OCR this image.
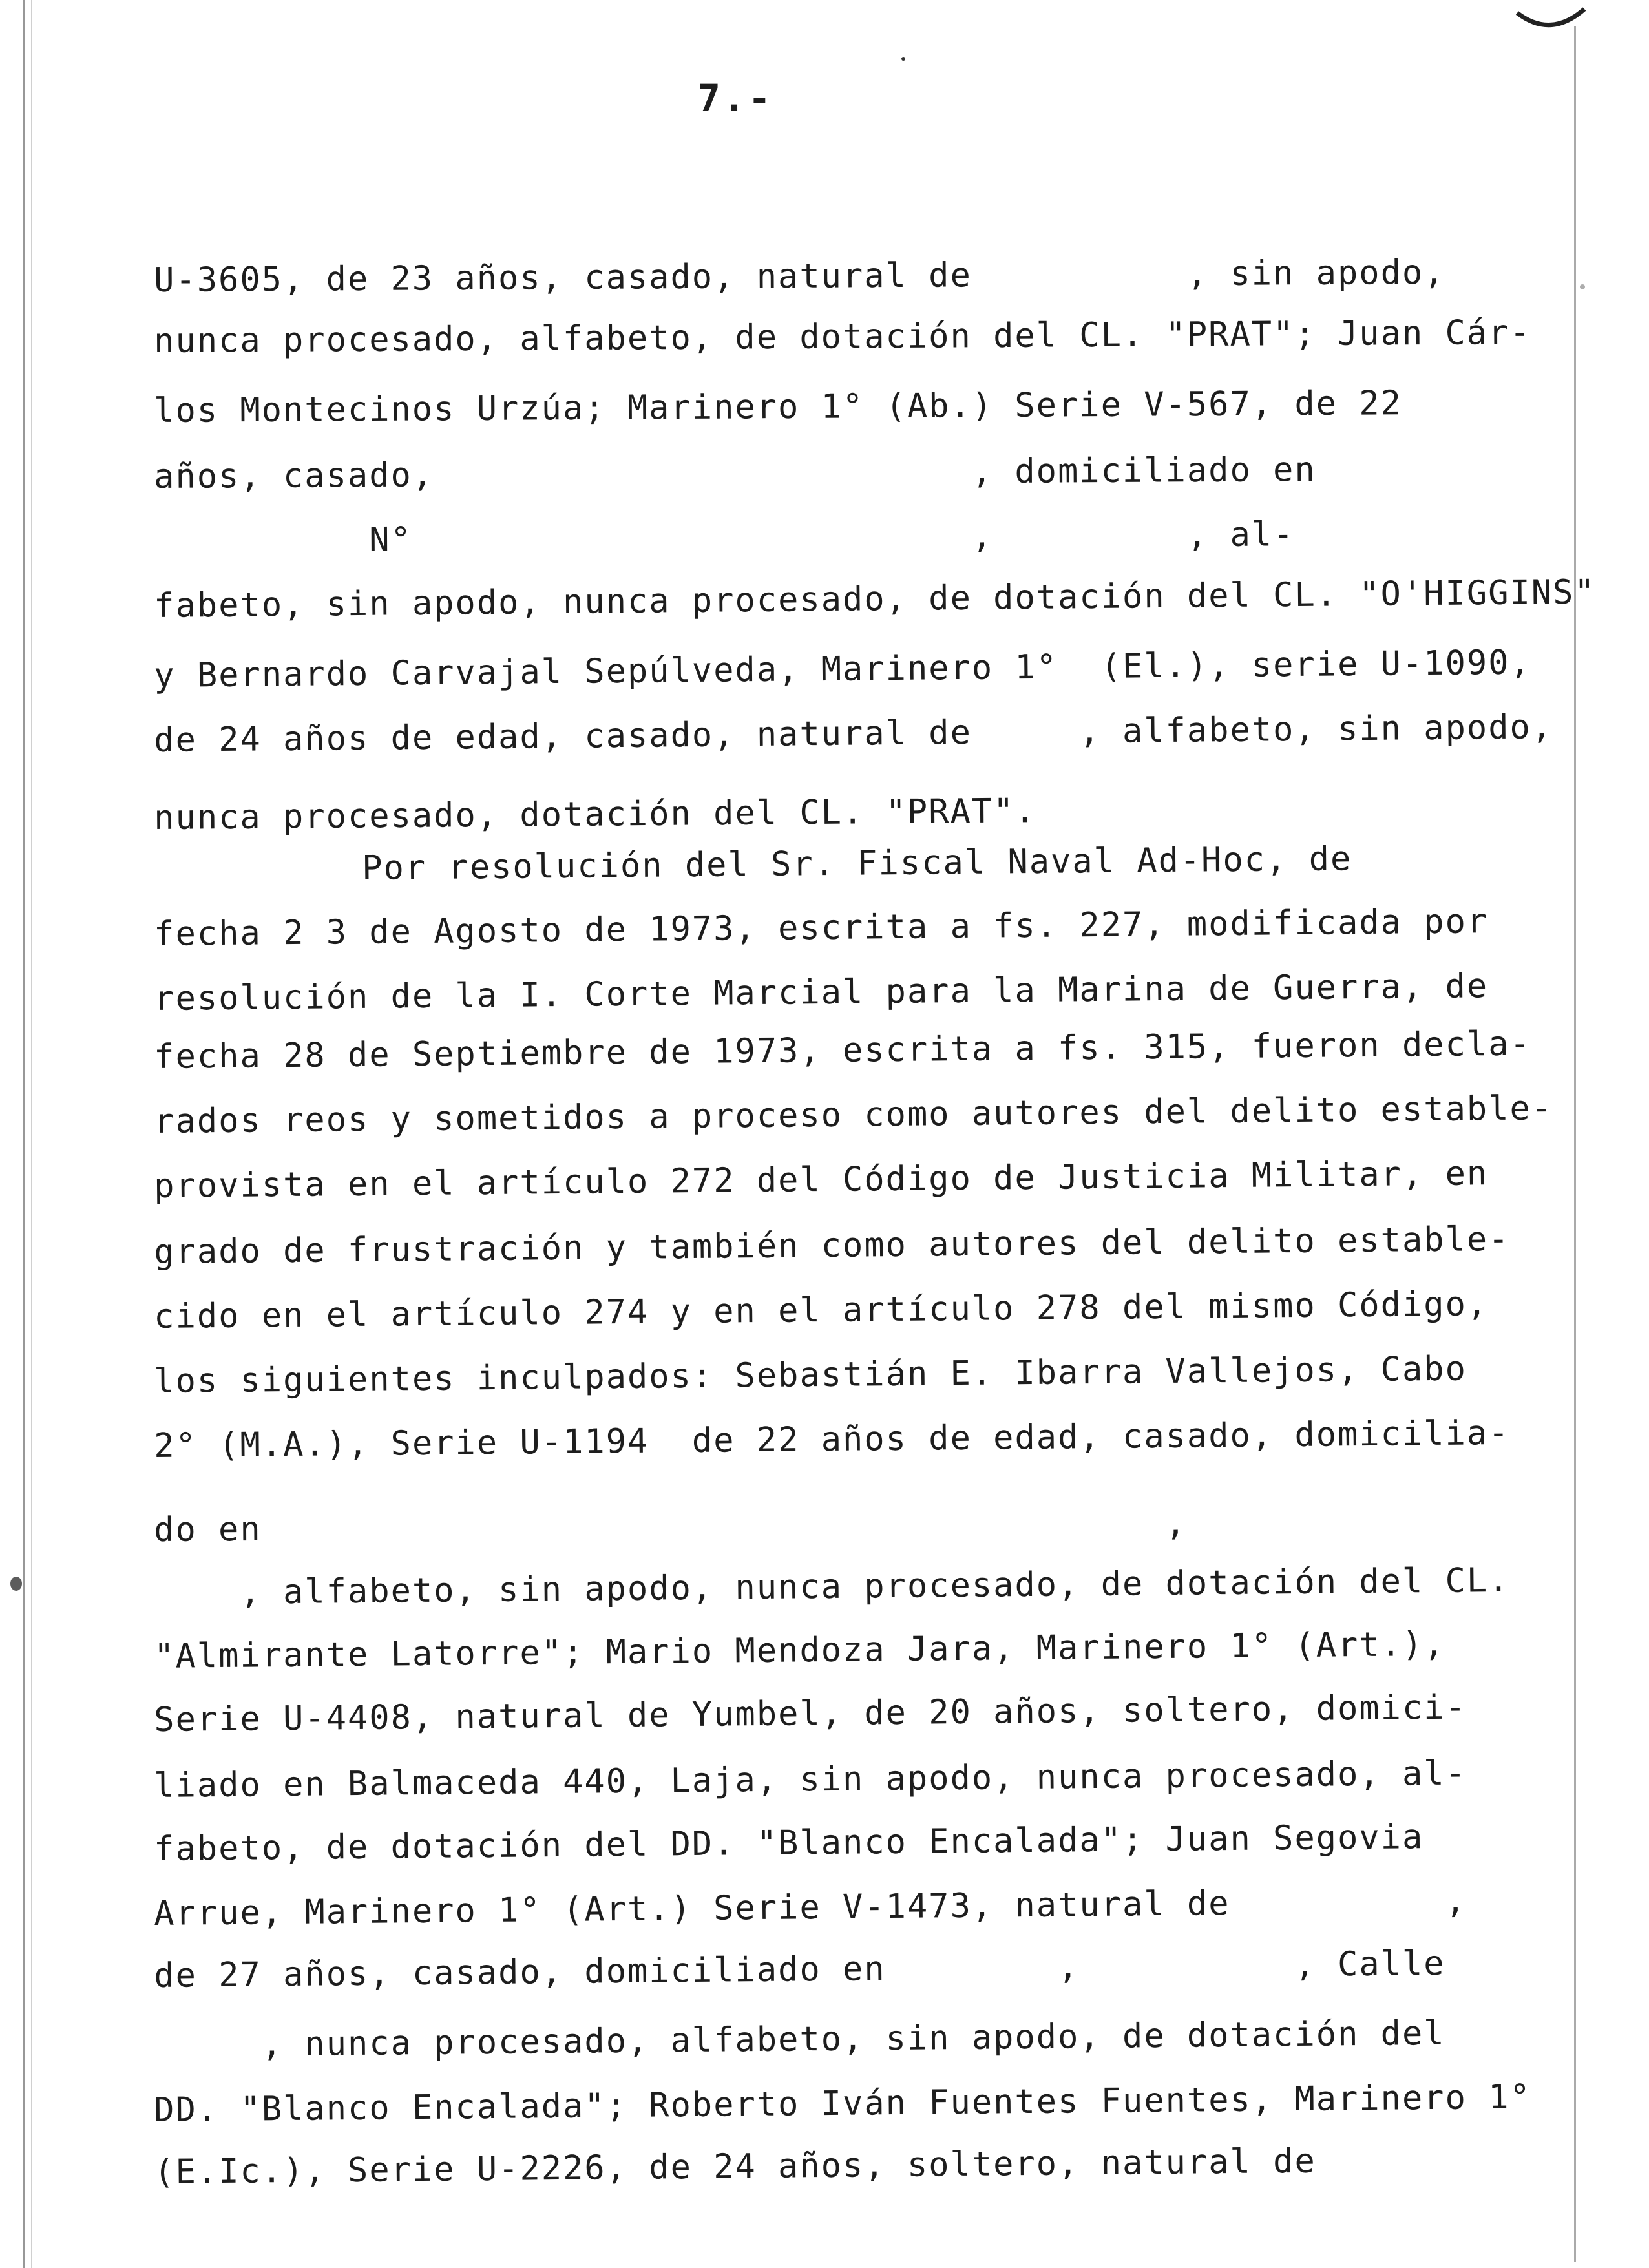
7.-
U-3605, de 23 años, casado, natural de          , sin apodo,
nunca procesado, alfabeto, de dotación del CL. "PRAT"; Juan Cár-
los Montecinos Urzúa; Marinero 1° (Ab.) Serie V-567, de 22
años, casado,                         , domiciliado en
N°                          ,         , al-
fabeto, sin apodo, nunca procesado, de dotación del CL. "O'HIGGINS"
y Bernardo Carvajal Sepúlveda, Marinero 1°  (El.), serie U-1090,
de 24 años de edad, casado, natural de     , alfabeto, sin apodo,
nunca procesado, dotación del CL. "PRAT".
Por resolución del Sr. Fiscal Naval Ad-Hoc, de
fecha 2 3 de Agosto de 1973, escrita a fs. 227, modificada por
resolución de la I. Corte Marcial para la Marina de Guerra, de
fecha 28 de Septiembre de 1973, escrita a fs. 315, fueron decla-
rados reos y sometidos a proceso como autores del delito estable-
provista en el artículo 272 del Código de Justicia Militar, en
grado de frustración y también como autores del delito estable-
cido en el artículo 274 y en el artículo 278 del mismo Código,
los siguientes inculpados: Sebastián E. Ibarra Vallejos, Cabo
2° (M.A.), Serie U-1194  de 22 años de edad, casado, domicilia-
do en                                          ,
, alfabeto, sin apodo, nunca procesado, de dotación del CL.
"Almirante Latorre"; Mario Mendoza Jara, Marinero 1° (Art.),
Serie U-4408, natural de Yumbel, de 20 años, soltero, domici-
liado en Balmaceda 440, Laja, sin apodo, nunca procesado, al-
fabeto, de dotación del DD. "Blanco Encalada"; Juan Segovia
Arrue, Marinero 1° (Art.) Serie V-1473, natural de          ,
de 27 años, casado, domiciliado en        ,          , Calle
, nunca procesado, alfabeto, sin apodo, de dotación del
DD. "Blanco Encalada"; Roberto Iván Fuentes Fuentes, Marinero 1°
(E.Ic.), Serie U-2226, de 24 años, soltero, natural de
